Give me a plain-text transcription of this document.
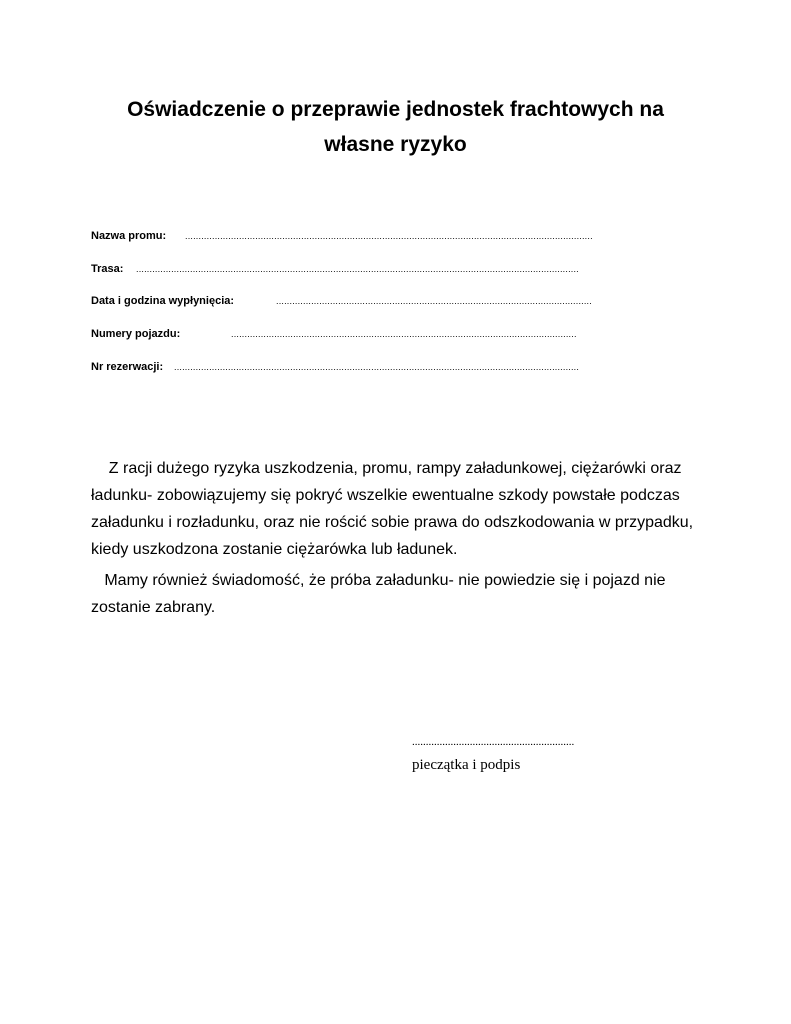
Oświadczenie o przeprawie jednostek frachtowych na
własne ryzyko
Nazwa promu: .......................................................................................................................................................
Trasa: ....................................................................................................................................................................
Data i godzina wypłynięcia:	.....................................................................................................................
Numery pojazdu:	................................................................................................................................
Nr rezerwacji: ......................................................................................................................................................

Z racji dużego ryzyka uszkodzenia, promu, rampy załadunkowej, ciężarówki oraz ładunku- zobowiązujemy się pokryć wszelkie ewentualne szkody powstałe podczas załadunku i rozładunku, oraz nie rościć sobie prawa do odszkodowania w przypadku, kiedy uszkodzona zostanie ciężarówka lub ładunek.

Mamy również świadomość, że próba załadunku- nie powiedzie się i pojazd nie zostanie zabrany.

...........................................................
pieczątka i podpis
